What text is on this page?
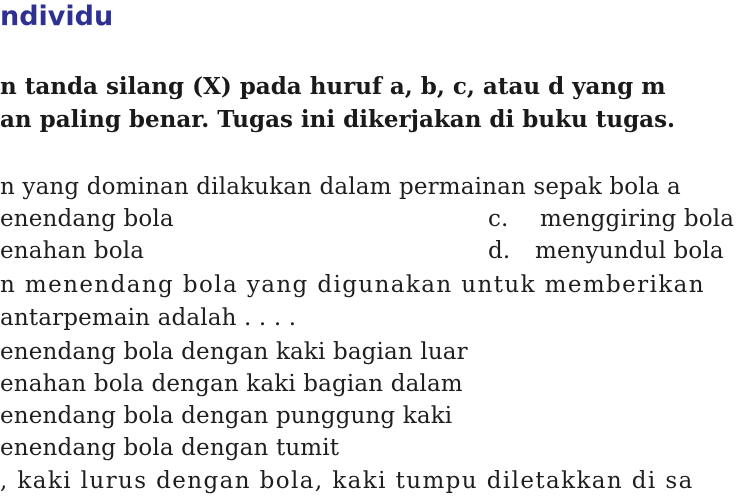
ndividu
n tanda silang (X) pada huruf a, b, c, atau d yang m
an paling benar. Tugas ini dikerjakan di buku tugas.
n yang dominan dilakukan dalam permainan sepak bola a
enendang bola	c. menggiring bola
enahan bola	d. menyundul bola
n menendang bola yang digunakan untuk memberikan
antarpemain adalah . . . .
enendang bola dengan kaki bagian luar
enahan bola dengan kaki bagian dalam
enendang bola dengan punggung kaki
enendang bola dengan tumit
, kaki lurus dengan bola, kaki tumpu diletakkan di sa
